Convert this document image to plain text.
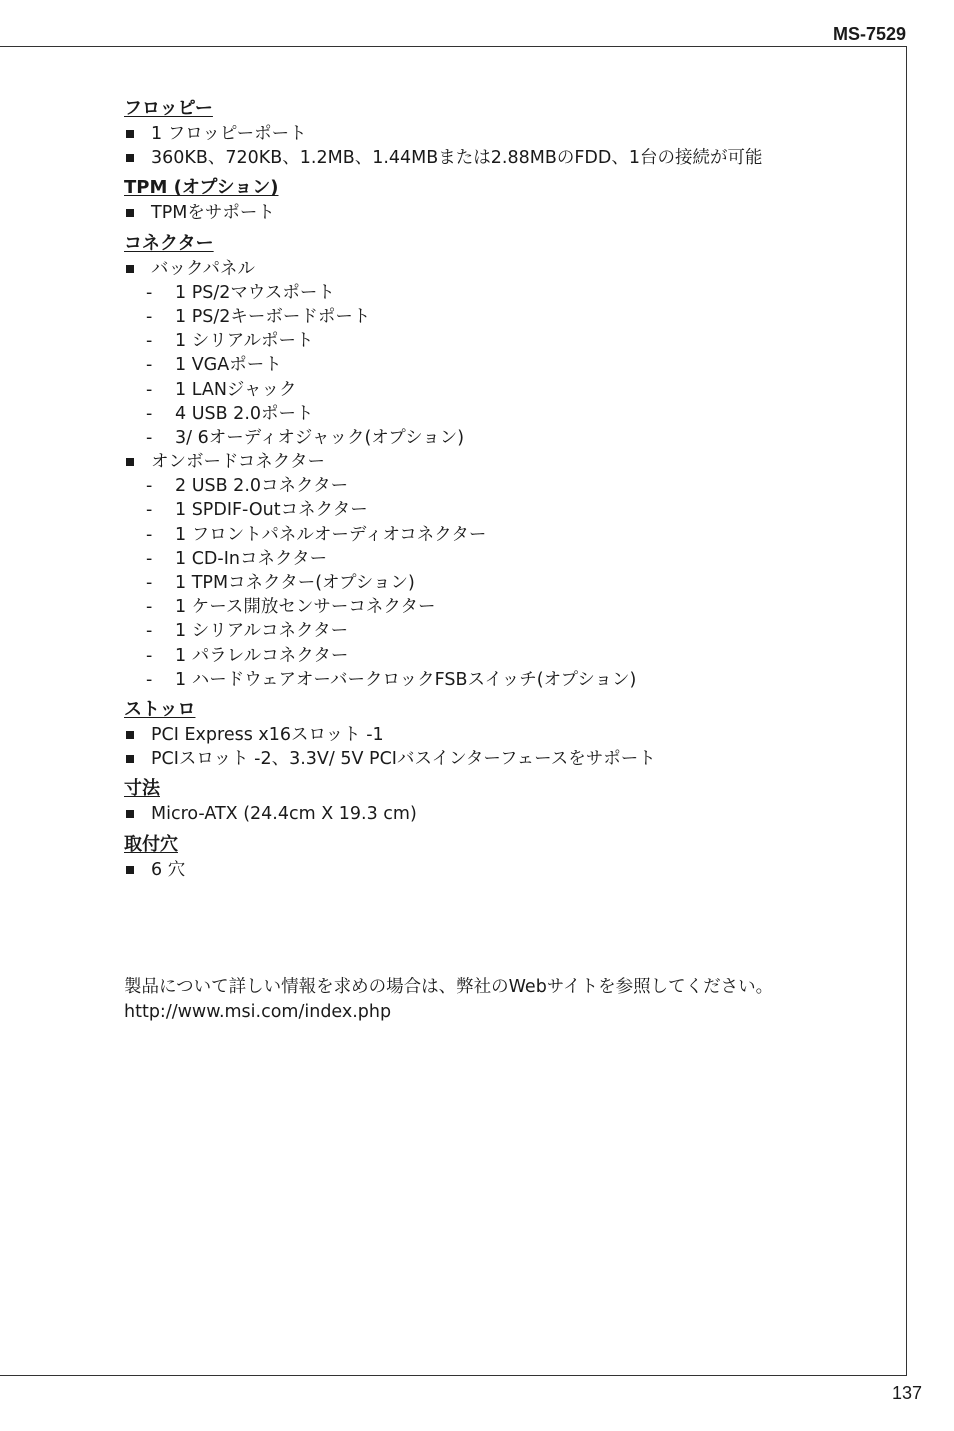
MS-7529
フロッピー
1 フロッピーポート
360KB、720KB、1.2MB、1.44MBまたは2.88MBのFDD、1台の接続が可能
TPM (オプション)
TPMをサポート
コネクター
バックパネル
- 1 PS/2マウスポート
- 1 PS/2キーボードポート
- 1 シリアルポート
- 1 VGAポート
- 1 LANジャック
- 4 USB 2.0ポート
- 3/ 6オーディオジャック(オプション)
オンボードコネクター
- 2 USB 2.0コネクター
- 1 SPDIF-Outコネクター
- 1 フロントパネルオーディオコネクター
- 1 CD-Inコネクター
- 1 TPMコネクター(オプション)
- 1 ケース開放センサーコネクター
- 1 シリアルコネクター
- 1 パラレルコネクター
- 1 ハードウェアオーバークロックFSBスイッチ(オプション)
ストッロ
PCI Express x16スロット -1
PCIスロット -2、3.3V/ 5V PCIバスインターフェースをサポート
寸法
Micro-ATX (24.4cm X 19.3 cm)
取付穴
6 穴
製品について詳しい情報を求めの場合は、弊社のWebサイトを参照してください。http://www.msi.com/index.php
137
